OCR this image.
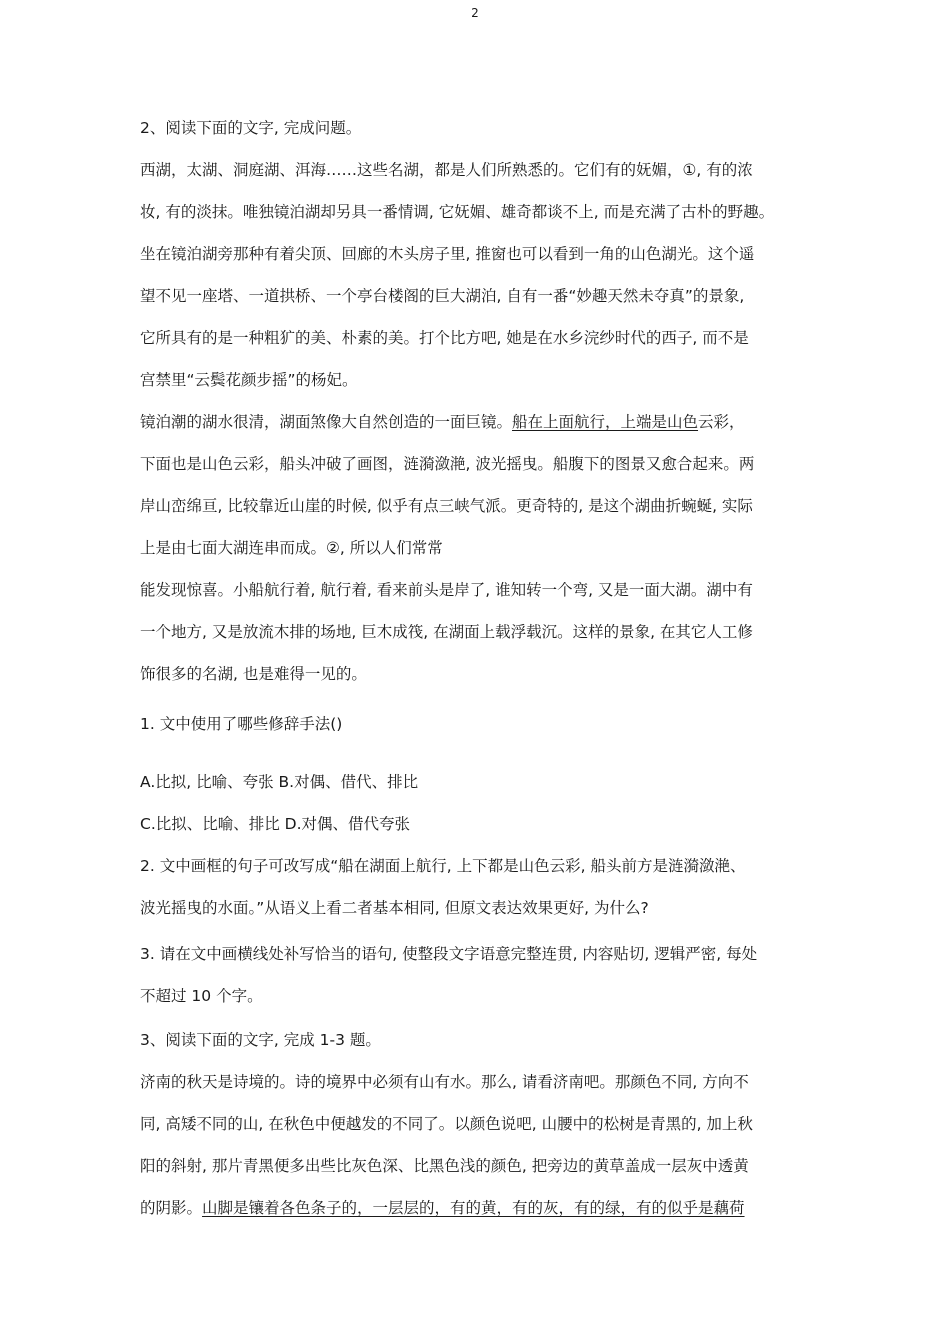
2
2、阅读下面的文字, 完成问题。
西湖，太湖、洞庭湖、洱海……这些名湖，都是人们所熟悉的。它们有的妩媚，①, 有的浓
妆, 有的淡抹。唯独镜泊湖却另具一番情调, 它妩媚、雄奇都谈不上, 而是充满了古朴的野趣。
坐在镜泊湖旁那种有着尖顶、回廊的木头房子里, 推窗也可以看到一角的山色湖光。这个遥
望不见一座塔、一道拱桥、一个亭台楼阁的巨大湖泊, 自有一番“妙趣天然未夺真”的景象,
它所具有的是一种粗犷的美、朴素的美。打个比方吧, 她是在水乡浣纱时代的西子, 而不是
宫禁里“云鬓花颜步摇”的杨妃。
镜泊潮的湖水很清，湖面煞像大自然创造的一面巨镜。船在上面航行，上端是山色云彩，
下面也是山色云彩，船头冲破了画图，涟漪潋滟, 波光摇曳。船腹下的图景又愈合起来。两
岸山峦绵亘, 比较靠近山崖的时候, 似乎有点三峡气派。更奇特的, 是这个湖曲折蜿蜒, 实际
上是由七面大湖连串而成。②, 所以人们常常
能发现惊喜。小船航行着, 航行着, 看来前头是岸了, 谁知转一个弯, 又是一面大湖。湖中有
一个地方, 又是放流木排的场地, 巨木成筏, 在湖面上载浮载沉。这样的景象, 在其它人工修
饰很多的名湖, 也是难得一见的。
1. 文中使用了哪些修辞手法()
A.比拟, 比喻、夸张 B.对偶、借代、排比
C.比拟、比喻、排比 D.对偶、借代夸张
2. 文中画框的句子可改写成“船在湖面上航行, 上下都是山色云彩, 船头前方是涟漪潋滟、
波光摇曳的水面。”从语义上看二者基本相同, 但原文表达效果更好, 为什么?
3. 请在文中画横线处补写恰当的语句, 使整段文字语意完整连贯, 内容贴切, 逻辑严密, 每处
不超过 10 个字。
3、阅读下面的文字, 完成 1-3 题。
济南的秋天是诗境的。诗的境界中必须有山有水。那么, 请看济南吧。那颜色不同, 方向不
同, 高矮不同的山, 在秋色中便越发的不同了。以颜色说吧, 山腰中的松树是青黑的, 加上秋
阳的斜射, 那片青黑便多出些比灰色深、比黑色浅的颜色, 把旁边的黄草盖成一层灰中透黄
的阴影。山脚是镶着各色条子的，一层层的，有的黄，有的灰，有的绿，有的似乎是藕荷
